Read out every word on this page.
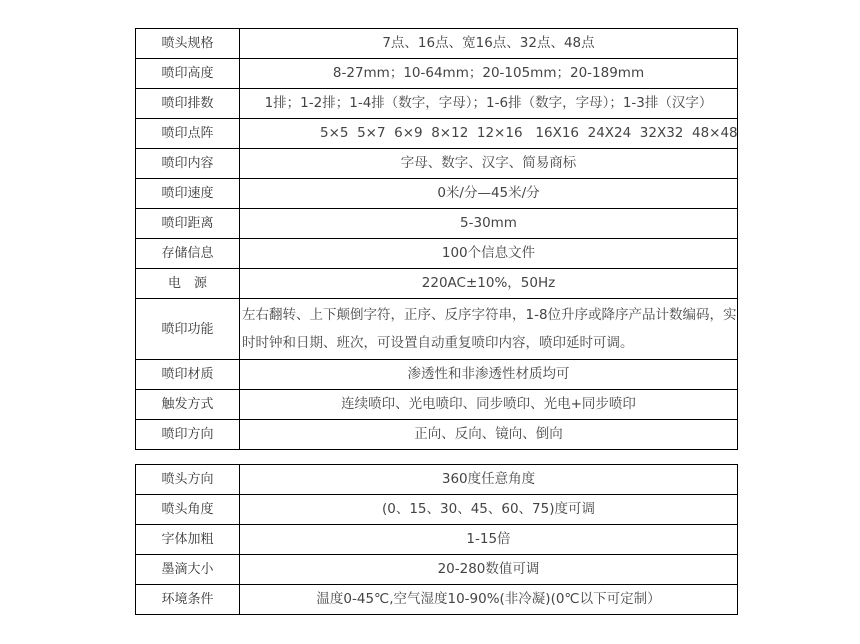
喷头规格	7点、16点、宽16点、32点、48点
喷印高度	8-27mm；10-64mm；20-105mm；20-189mm
喷印排数	1排；1-2排；1-4排（数字，字母）；1-6排（数字，字母）；1-3排（汉字）
喷印点阵	5×5  5×7  6×9  8×12  12×16   16X16  24X24  32X32  48×48
喷印内容	字母、数字、汉字、简易商标
喷印速度	0米/分—45米/分
喷印距离	5-30mm
存储信息	100个信息文件
电　源	220AC±10%，50Hz
喷印功能	左右翻转、上下颠倒字符，正序、反序字符串，1-8位升序或降序产品计数编码，实时时钟和日期、班次，可设置自动重复喷印内容，喷印延时可调。
喷印材质	渗透性和非渗透性材质均可
触发方式	连续喷印、光电喷印、同步喷印、光电+同步喷印
喷印方向	正向、反向、镜向、倒向
喷头方向	360度任意角度
喷头角度	(0、15、30、45、60、75)度可调
字体加粗	1-15倍
墨滴大小	20-280数值可调
环境条件	温度0-45℃,空气湿度10-90%(非冷凝)(0℃以下可定制）
